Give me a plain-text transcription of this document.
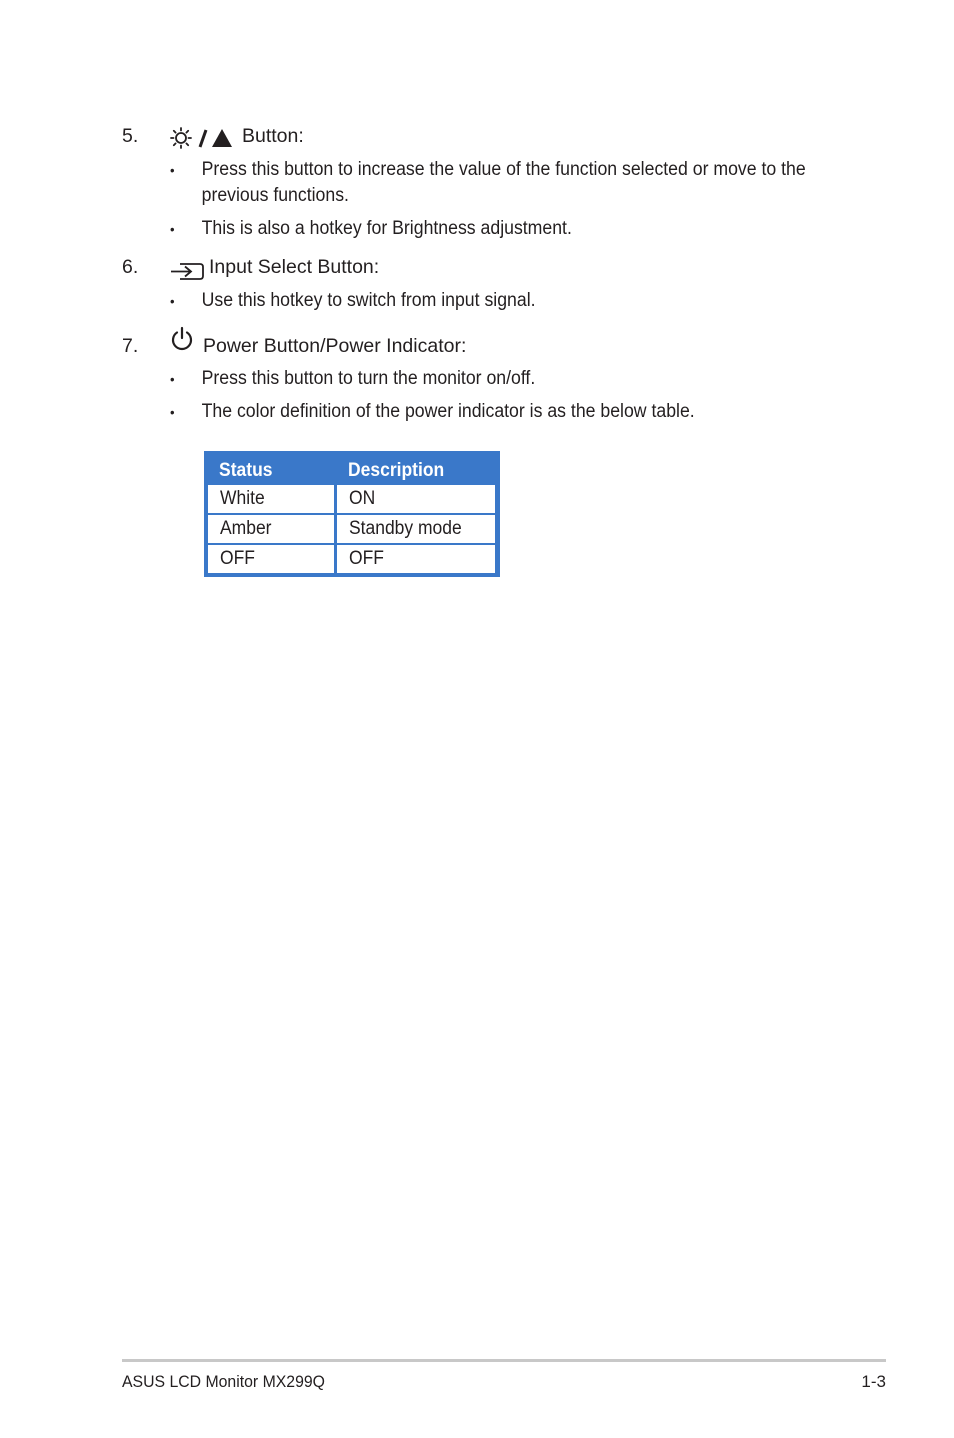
5.	Button:
• Press this button to increase the value of the function selected or move to the previous functions.
• This is also a hotkey for Brightness adjustment.
6.	Input Select Button:
• Use this hotkey to switch from input signal.
7.	Power Button/Power Indicator:
• Press this button to turn the monitor on/off.
• The color definition of the power indicator is as the below table.
Status	Description
White	ON
Amber	Standby mode
OFF	OFF
ASUS LCD Monitor MX299Q	1-3
